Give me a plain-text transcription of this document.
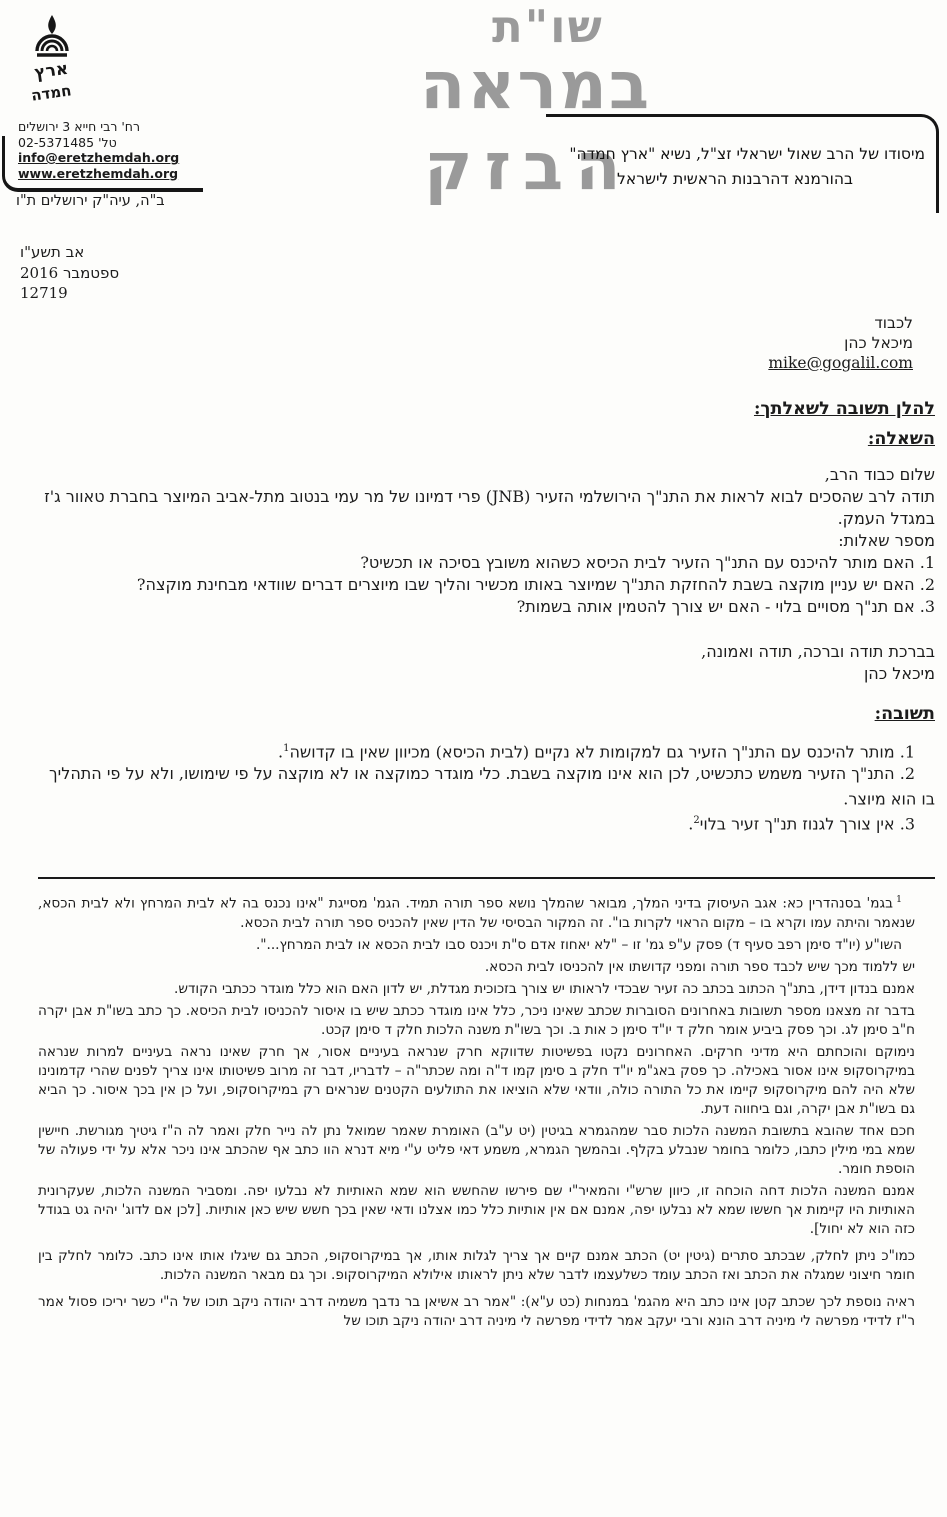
ארץ
חמדה
רח' רבי חייא 3 ירושלים
טל' 02-5371485
info@eretzhemdah.org
www.eretzhemdah.org
ב"ה, עיה"ק ירושלים ת"ו
שו"ת
במראה
הבזק
מיסודו של הרב שאול ישראלי זצ"ל, נשיא "ארץ חמדה"
בהורמנא דהרבנות הראשית לישראל
אב תשע"ו
ספטמבר 2016
12719
לכבוד
מיכאל כהן
mike@gogalil.com
להלן תשובה לשאלתך:
השאלה:
שלום כבוד הרב,
תודה לרב שהסכים לבוא לראות את התנ"ך הירושלמי הזעיר (JNB) פרי דמיונו של מר עמי בנטוב מתל-אביב המיוצר בחברת טאוור ג'ז במגדל העמק.
מספר שאלות:
1. האם מותר להיכנס עם התנ"ך הזעיר לבית הכיסא כשהוא משובץ בסיכה או תכשיט?
2. האם יש עניין מוקצה בשבת להחזקת התנ"ך שמיוצר באותו מכשיר והליך שבו מיוצרים דברים שוודאי מבחינת מוקצה?
3. אם תנ"ך מסויים בלוי - האם יש צורך להטמין אותה בשמות?
בברכת תודה וברכה, תודה ואמונה,
מיכאל כהן
תשובה:
1. מותר להיכנס עם התנ"ך הזעיר גם למקומות לא נקיים (לבית הכיסא) מכיוון שאין בו קדושה$^1$.
2. התנ"ך הזעיר משמש כתכשיט, לכן הוא אינו מוקצה בשבת. כלי מוגדר כמוקצה או לא מוקצה על פי שימושו, ולא על פי התהליך בו הוא מיוצר.
3. אין צורך לגנוז תנ"ך זעיר בלוי$^2$.

$^1$בגמ' בסנהדרין כא: אגב העיסוק בדיני המלך, מבואר שהמלך נושא ספר תורה תמיד. הגמ' מסייגת "אינו נכנס בה לא לבית המרחץ ולא לבית הכסא, שנאמר והיתה עמו וקרא בו – מקום הראוי לקרות בו". זה המקור הבסיסי של הדין שאין להכניס ספר תורה לבית הכסא.

השו"ע (יו"ד סימן רפב סעיף ד) פסק ע"פ גמ' זו – "לא יאחוז אדם ס"ת ויכנס סבו לבית הכסא או לבית המרחץ...".

יש ללמוד מכך שיש לכבד ספר תורה ומפני קדושתו אין להכניסו לבית הכסא.

אמנם בנדון דידן, בתנ"ך הכתוב בכתב כה זעיר שבכדי לראותו יש צורך בזכוכית מגדלת, יש לדון האם הוא כלל מוגדר ככתבי הקודש.

בדבר זה מצאנו מספר תשובות באחרונים הסוברות שכתב שאינו ניכר, כלל אינו מוגדר ככתב שיש בו איסור להכניסו לבית הכיסא. כך כתב בשו"ת אבן יקרה ח"ב סימן לג. וכך פסק ביביע אומר חלק ד יו"ד סימן כ אות ב. וכך בשו"ת משנה הלכות חלק ד סימן קכט.

נימוקם והוכחתם היא מדיני חרקים. האחרונים נקטו בפשיטות שדווקא חרק שנראה בעיניים אסור, אך חרק שאינו נראה בעיניים למרות שנראה במיקרוסקופ אינו אסור באכילה. כך פסק באג"מ יו"ד חלק ב סימן קמו ד"ה ומה שכתר"ה – לדבריו, דבר זה מרוב פשיטותו אינו צריך לפנים שהרי קדמונינו שלא היה להם מיקרוסקופ קיימו את כל התורה כולה, וודאי שלא הוציאו את התולעים הקטנים שנראים רק במיקרוסקופ, ועל כן אין בכך איסור. כך הביא גם בשו"ת אבן יקרה, וגם ביחווה דעת.

חכם אחד שהובא בתשובת המשנה הלכות סבר שמהגמרא בגיטין (יט ע"ב) האומרת שאמר שמואל נתן לה נייר חלק ואמר לה ה"ז גיטיך מגורשת. חיישין שמא במי מילין כתבו, כלומר בחומר שנבלע בקלף. ובהמשך הגמרא, משמע דאי פליט ע"י מיא דנרא הוו כתב אף שהכתב אינו ניכר אלא על ידי פעולה של הוספת חומר.

אמנם המשנה הלכות דחה הוכחה זו, כיוון שרש"י והמאיר"י שם פירשו שהחשש הוא שמא האותיות לא נבלעו יפה. ומסביר המשנה הלכות, שעקרונית האותיות היו קיימות אך חששו שמא לא נבלעו יפה, אמנם אם אין אותיות כלל כמו אצלנו ודאי שאין בכך חשש שיש כאן אותיות. [לכן אם לדוג' יהיה גט בגודל כזה הוא לא יחול].

כמו"כ ניתן לחלק, שבכתב סתרים (גיטין יט) הכתב אמנם קיים אך צריך לגלות אותו, אך במיקרוסקופ, הכתב גם שיגלו אותו אינו כתב. כלומר לחלק בין חומר חיצוני שמגלה את הכתב ואז הכתב עומד כשלעצמו לדבר שלא ניתן לראותו אילולא המיקרוסקופ. וכך גם מבאר המשנה הלכות.

ראיה נוספת לכך שכתב קטן אינו כתב היא מהגמ' במנחות (כט ע"א): "אמר רב אשיאן בר נדבך משמיה דרב יהודה ניקב תוכו של ה"י כשר יריכו פסול אמר ר"ז לדידי מפרשה לי מיניה דרב הונא ורבי יעקב אמר לדידי מפרשה לי מיניה דרב יהודה ניקב תוכו של
